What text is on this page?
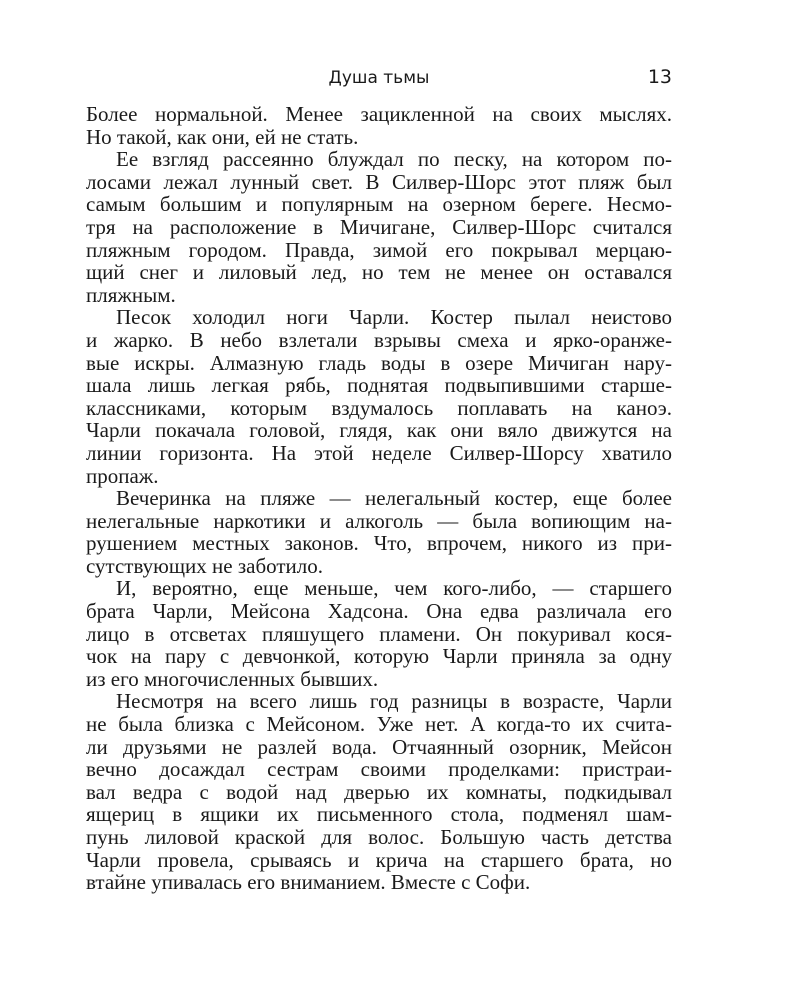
Душа тьмы	13
Более нормальной. Менее зацикленной на своих мыслях.
Но такой, как они, ей не стать.
Ее взгляд рассеянно блуждал по песку, на котором по-
лосами лежал лунный свет. В Силвер-Шорс этот пляж был
самым большим и популярным на озерном береге. Несмо-
тря на расположение в Мичигане, Силвер-Шорс считался
пляжным городом. Правда, зимой его покрывал мерцаю-
щий снег и лиловый лед, но тем не менее он оставался
пляжным.
Песок холодил ноги Чарли. Костер пылал неистово
и жарко. В небо взлетали взрывы смеха и ярко-оранже-
вые искры. Алмазную гладь воды в озере Мичиган нару-
шала лишь легкая рябь, поднятая подвыпившими старше-
классниками, которым вздумалось поплавать на каноэ.
Чарли покачала головой, глядя, как они вяло движутся на
линии горизонта. На этой неделе Силвер-Шорсу хватило
пропаж.
Вечеринка на пляже — нелегальный костер, еще более
нелегальные наркотики и алкоголь — была вопиющим на-
рушением местных законов. Что, впрочем, никого из при-
сутствующих не заботило.
И, вероятно, еще меньше, чем кого-либо, — старшего
брата Чарли, Мейсона Хадсона. Она едва различала его
лицо в отсветах пляшущего пламени. Он покуривал кося-
чок на пару с девчонкой, которую Чарли приняла за одну
из его многочисленных бывших.
Несмотря на всего лишь год разницы в возрасте, Чарли
не была близка с Мейсоном. Уже нет. А когда-то их счита-
ли друзьями не разлей вода. Отчаянный озорник, Мейсон
вечно досаждал сестрам своими проделками: пристраи-
вал ведра с водой над дверью их комнаты, подкидывал
ящериц в ящики их письменного стола, подменял шам-
пунь лиловой краской для волос. Большую часть детства
Чарли провела, срываясь и крича на старшего брата, но
втайне упивалась его вниманием. Вместе с Софи.
